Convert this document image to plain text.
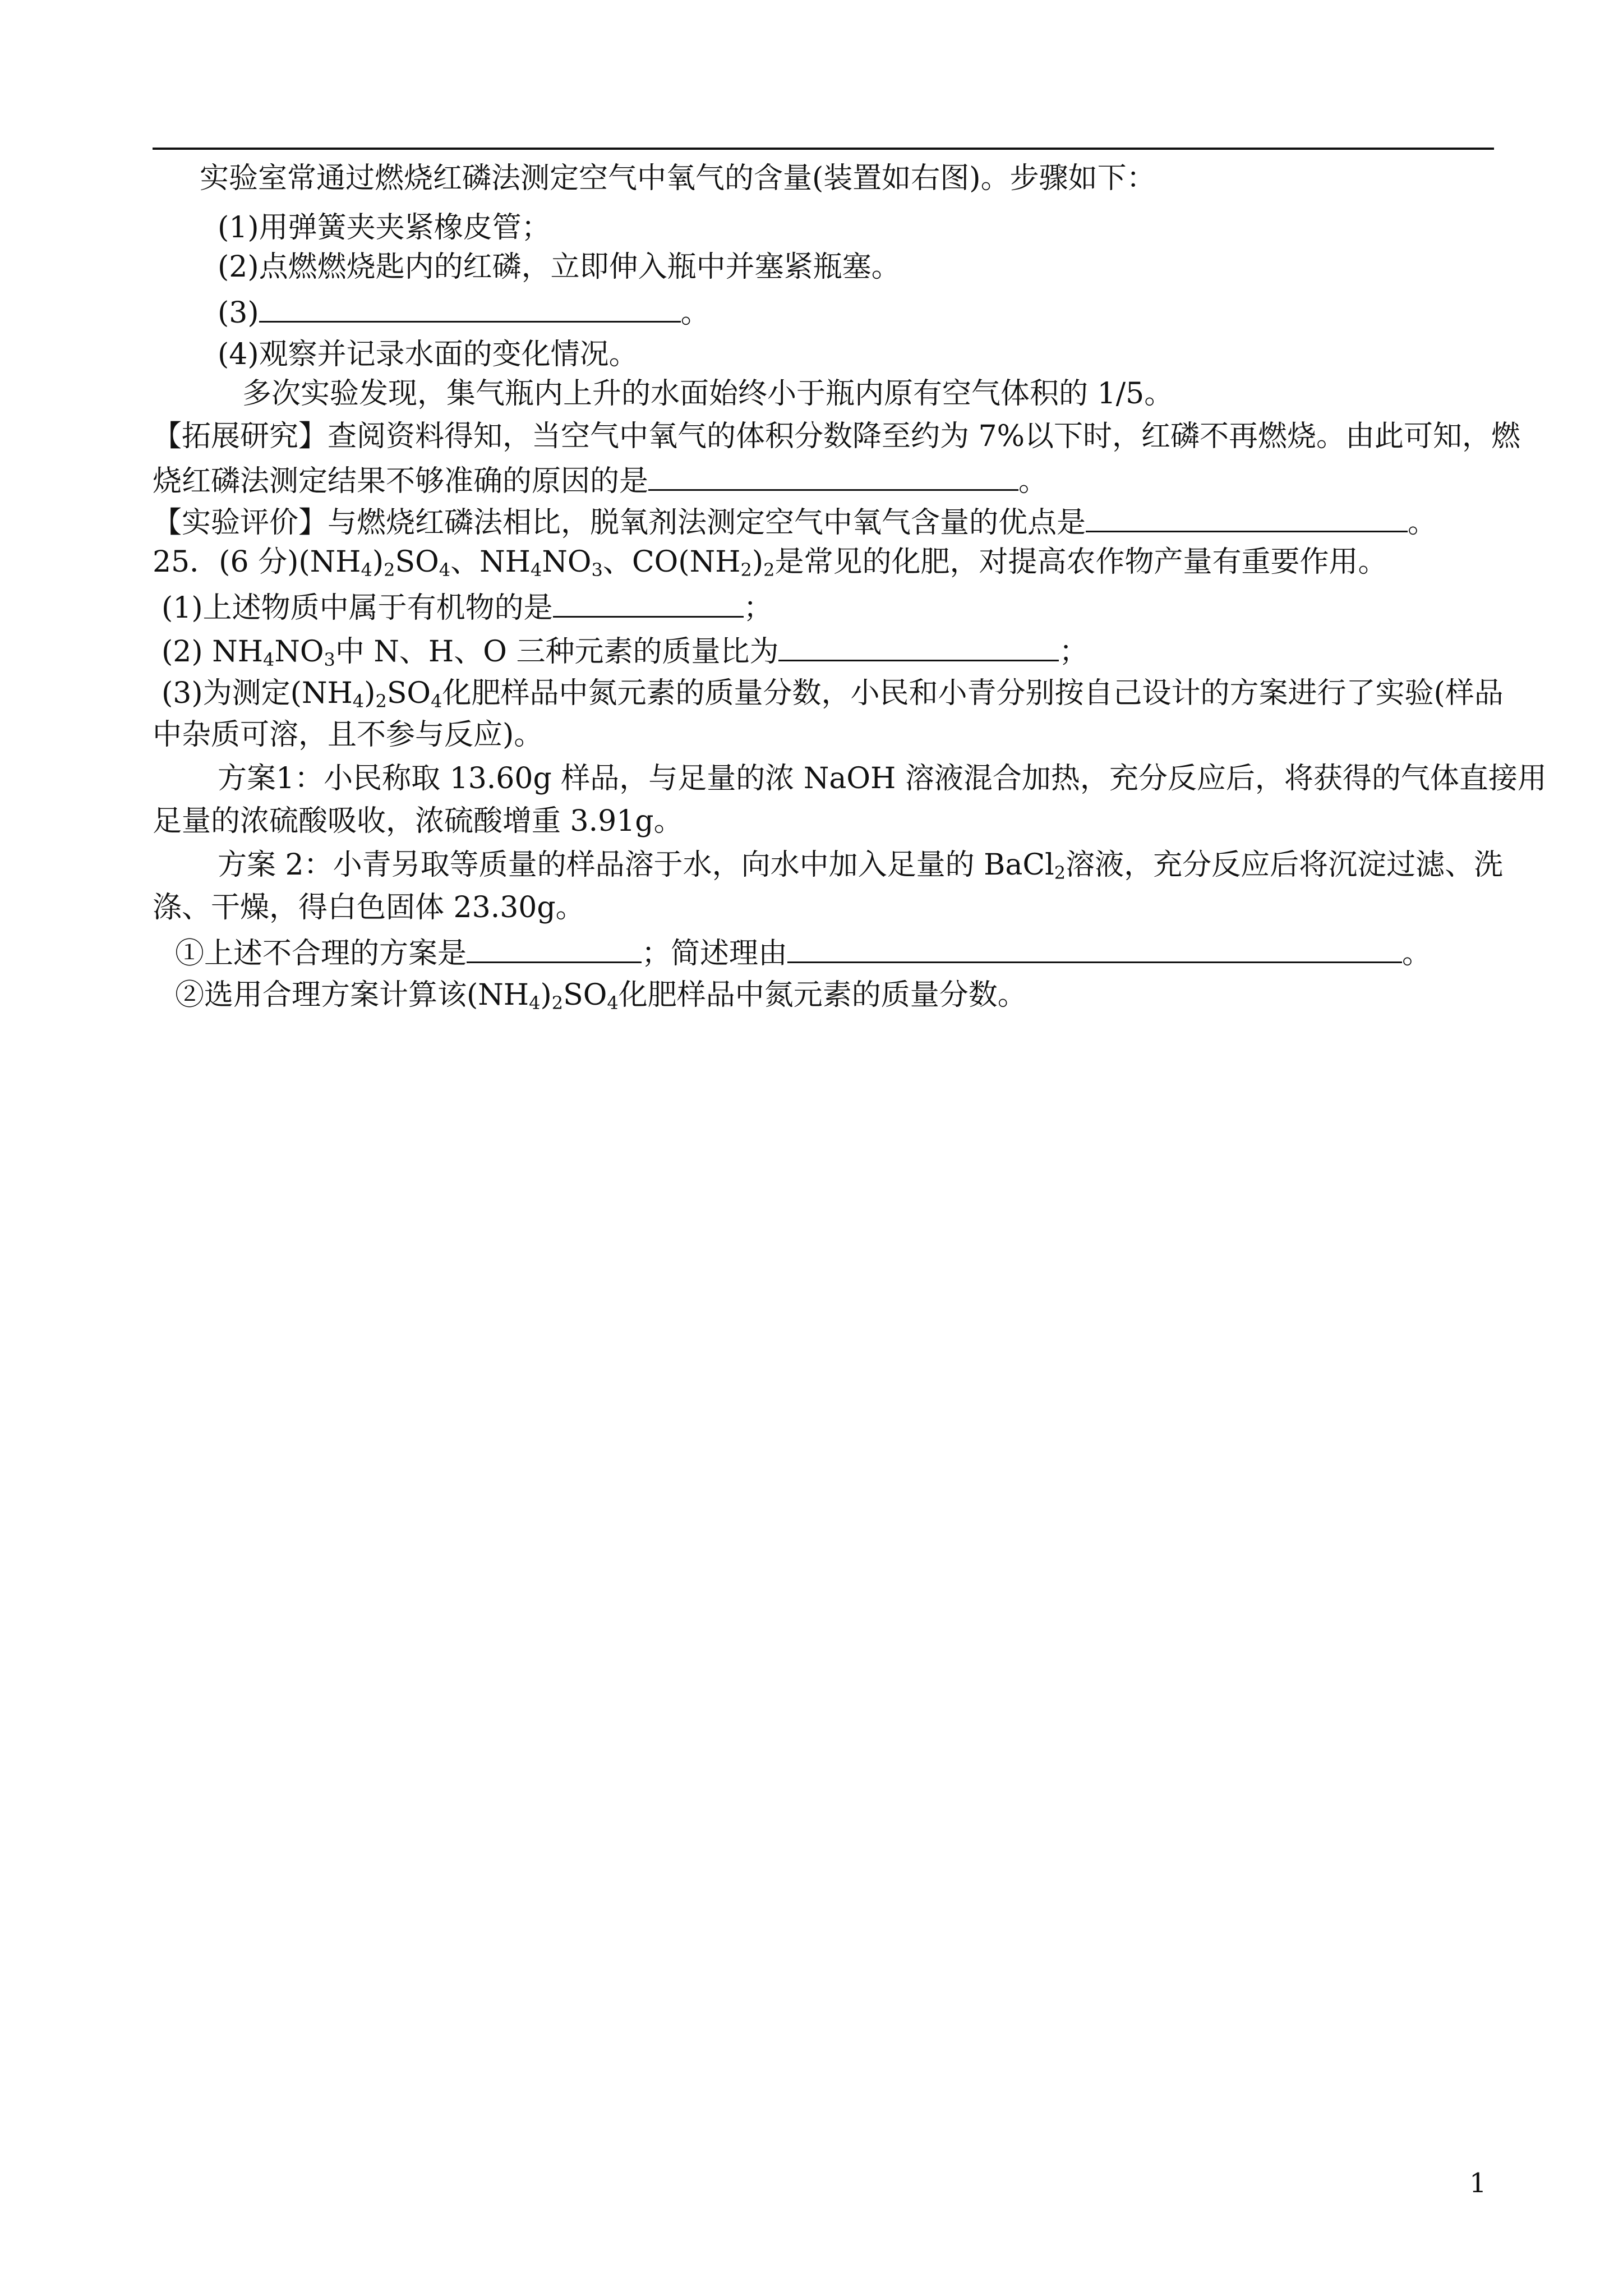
实验室常通过燃烧红磷法测定空气中氧气的含量(装置如右图)。步骤如下：
(1)用弹簧夹夹紧橡皮管；
(2)点燃燃烧匙内的红磷，立即伸入瓶中并塞紧瓶塞。
(3)	。
(4)观察并记录水面的变化情况。
多次实验发现，集气瓶内上升的水面始终小于瓶内原有空气体积的 1/5。
【拓展研究】查阅资料得知，当空气中氧气的体积分数降至约为 7%以下时，红磷不再燃烧。由此可知，燃
烧红磷法测定结果不够准确的原因的是	。
【实验评价】与燃烧红磷法相比，脱氧剂法测定空气中氧气含量的优点是	。
25．(6 分)$(NH_4)_2SO_4$、$NH_4NO_3$、$CO(NH_2)_2$是常见的化肥，对提高农作物产量有重要作用。
(1)上述物质中属于有机物的是	；
(2) $NH_4NO_3$中 N、H、O 三种元素的质量比为	；
(3)为测定$(NH_4)_2SO_4$化肥样品中氮元素的质量分数，小民和小青分别按自己设计的方案进行了实验(样品
中杂质可溶，且不参与反应)。
方案1：小民称取 13.60g 样品，与足量的浓 NaOH 溶液混合加热，充分反应后，将获得的气体直接用
足量的浓硫酸吸收，浓硫酸增重 3.91g。
方案 2：小青另取等质量的样品溶于水，向水中加入足量的 BaCl$_2$溶液，充分反应后将沉淀过滤、洗
涤、干燥，得白色固体 23.30g。
①上述不合理的方案是	；简述理由	。
②选用合理方案计算该$(NH_4)_2SO_4$化肥样品中氮元素的质量分数。
1
